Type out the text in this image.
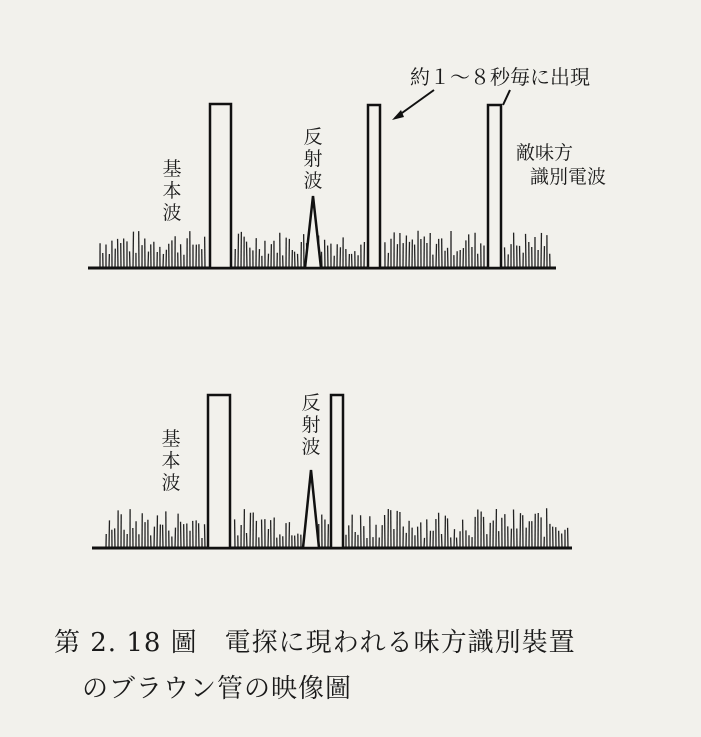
基本波
反射波
約１～８秒毎に出現
敵味方
識別電波
基本波
反射波
第 2. 18 圖　電探に現われる味方識別裝置
のブラウン管の映像圖
